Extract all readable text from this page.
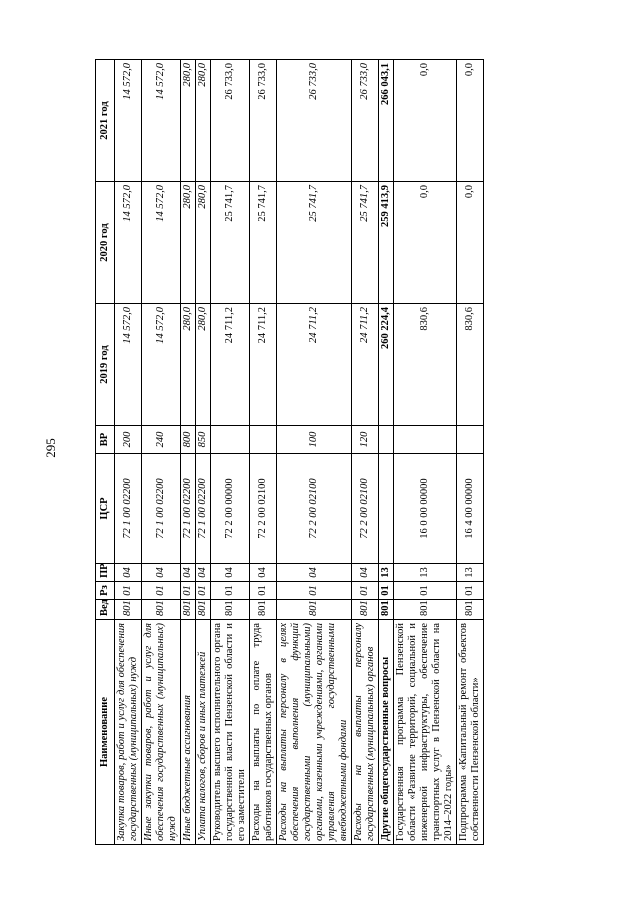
295
Наименование	Вед	Рз	ПР	ЦСР	ВР	2019 год	2020 год	2021 год
Закупка товаров, работ и услуг для обеспечения государственных (муниципальных) нужд	801	01	04	72 1 00 02200	200	14 572,0	14 572,0	14 572,0
Иные закупки товаров, работ и услуг для обеспечения государственных (муниципальных) нужд	801	01	04	72 1 00 02200	240	14 572,0	14 572,0	14 572,0
Иные бюджетные ассигнования	801	01	04	72 1 00 02200	800	280,0	280,0	280,0
Уплата налогов, сборов и иных платежей	801	01	04	72 1 00 02200	850	280,0	280,0	280,0
Руководитель высшего исполнительного органа государственной власти Пензенской области и его заместители	801	01	04	72 2 00 00000		24 711,2	25 741,7	26 733,0
Расходы на выплаты по оплате труда работников государственных органов	801	01	04	72 2 00 02100		24 711,2	25 741,7	26 733,0
Расходы на выплаты персоналу в целях обеспечения выполнения функций государственными (муниципальными) органами, казенными учреждениями, органами управления государственными внебюджетными фондами	801	01	04	72 2 00 02100	100	24 711,2	25 741,7	26 733,0
Расходы на выплаты персоналу государственных (муниципальных) органов	801	01	04	72 2 00 02100	120	24 711,2	25 741,7	26 733,0
Другие общегосударственные вопросы	801	01	13			260 224,4	259 413,9	266 043,1
Государственная программа Пензенской области «Развитие территорий, социальной и инженерной инфраструктуры, обеспечение транспортных услуг в Пензенской области на 2014–2022 годы»	801	01	13	16 0 00 00000		830,6	0,0	0,0
Подпрограмма «Капитальный ремонт объектов собственности Пензенской области»	801	01	13	16 4 00 00000		830,6	0,0	0,0
